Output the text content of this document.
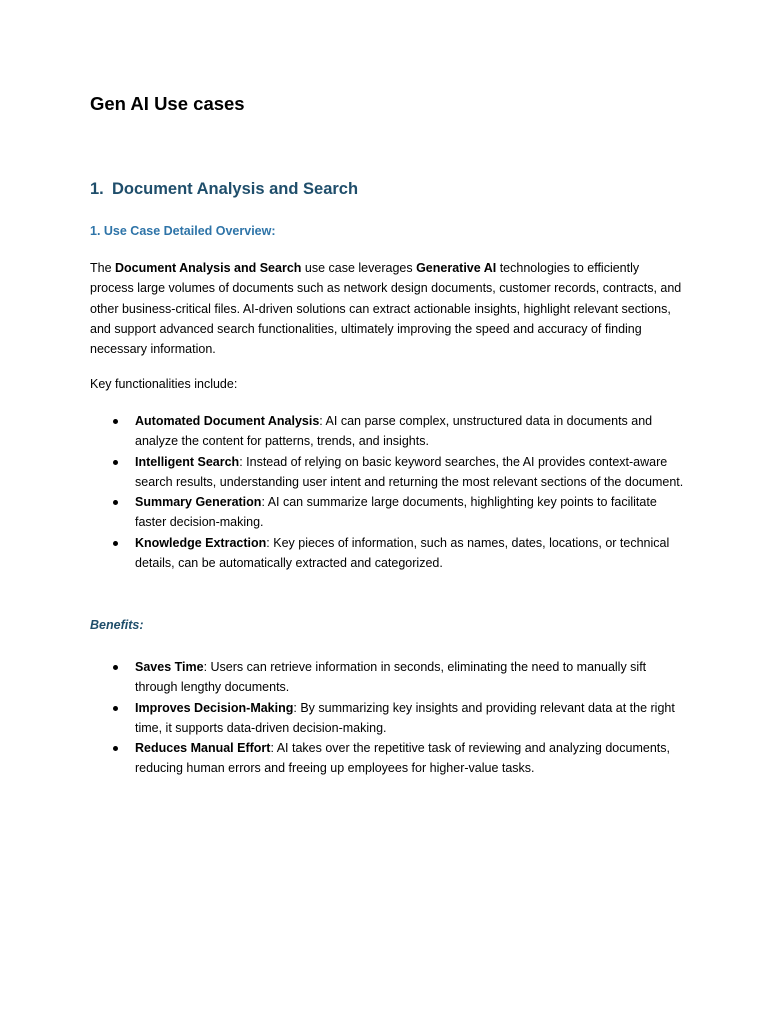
Gen AI Use cases
1. Document Analysis and Search
1. Use Case Detailed Overview:

The Document Analysis and Search use case leverages Generative AI technologies to efficiently process large volumes of documents such as network design documents, customer records, contracts, and other business-critical files. AI-driven solutions can extract actionable insights, highlight relevant sections, and support advanced search functionalities, ultimately improving the speed and accuracy of finding necessary information.

Key functionalities include:

Automated Document Analysis: AI can parse complex, unstructured data in documents and analyze the content for patterns, trends, and insights.
Intelligent Search: Instead of relying on basic keyword searches, the AI provides context-aware search results, understanding user intent and returning the most relevant sections of the document.
Summary Generation: AI can summarize large documents, highlighting key points to facilitate faster decision-making.
Knowledge Extraction: Key pieces of information, such as names, dates, locations, or technical details, can be automatically extracted and categorized.
Benefits:
Saves Time: Users can retrieve information in seconds, eliminating the need to manually sift through lengthy documents.
Improves Decision-Making: By summarizing key insights and providing relevant data at the right time, it supports data-driven decision-making.
Reduces Manual Effort: AI takes over the repetitive task of reviewing and analyzing documents, reducing human errors and freeing up employees for higher-value tasks.
